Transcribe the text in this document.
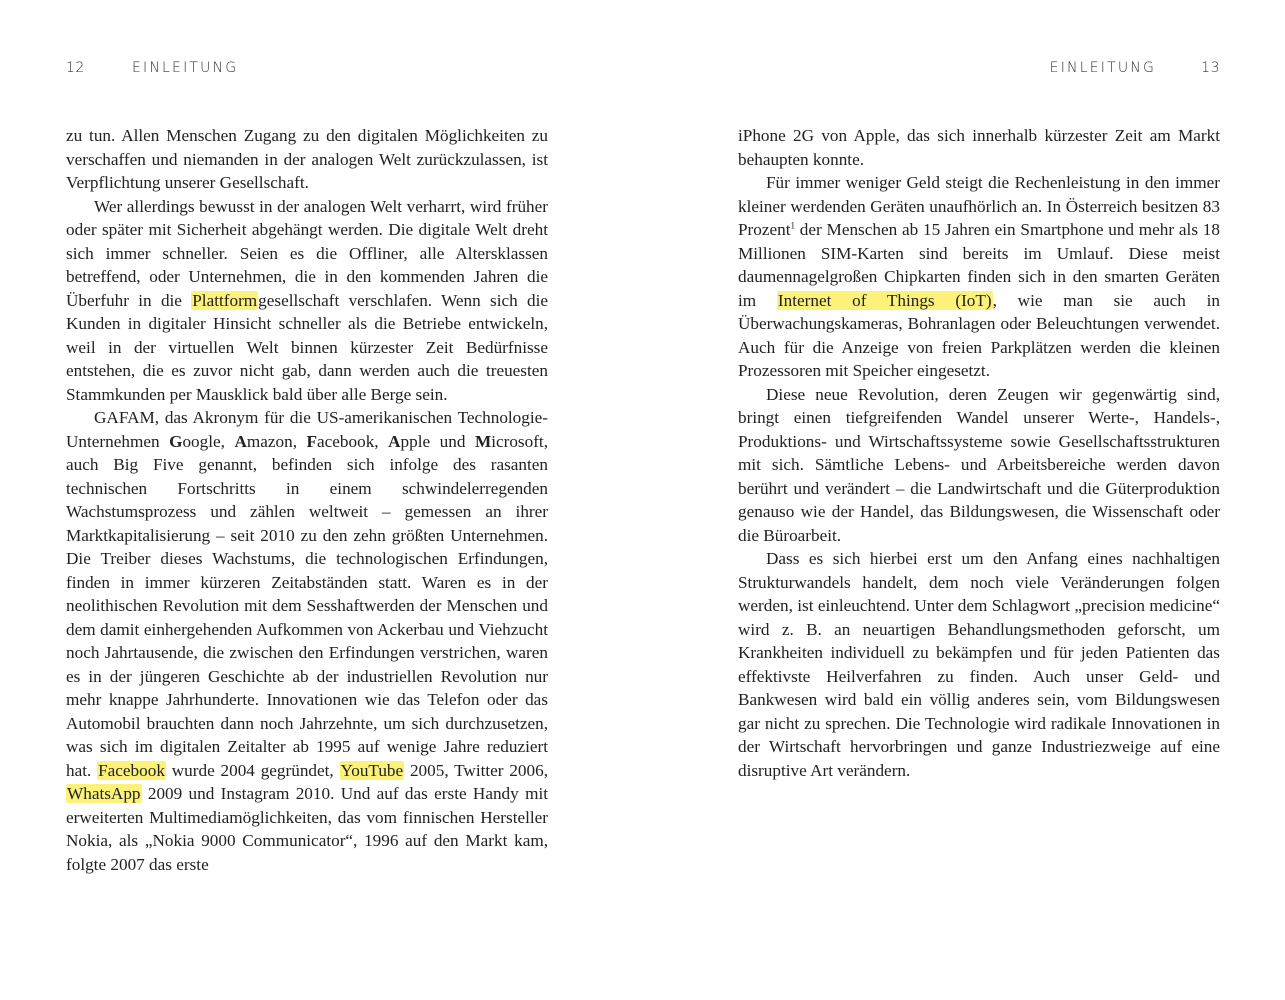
12	EINLEITUNG

zu tun. Allen Menschen Zugang zu den digitalen Möglichkeiten zu verschaffen und niemanden in der analogen Welt zurückzulassen, ist Verpflichtung unserer Gesellschaft.

Wer allerdings bewusst in der analogen Welt verharrt, wird früher oder später mit Sicherheit abgehängt werden. Die digitale Welt dreht sich immer schneller. Seien es die Offliner, alle Altersklassen betreffend, oder Unternehmen, die in den kommenden Jahren die Überfuhr in die Plattformgesellschaft verschlafen. Wenn sich die Kunden in digitaler Hinsicht schneller als die Betriebe entwickeln, weil in der virtuellen Welt binnen kürzester Zeit Bedürfnisse entstehen, die es zuvor nicht gab, dann werden auch die treuesten Stammkunden per Mausklick bald über alle Berge sein.

GAFAM, das Akronym für die US-amerikanischen Technologie-Unternehmen Google, Amazon, Facebook, Apple und Microsoft, auch Big Five genannt, befinden sich infolge des rasanten technischen Fortschritts in einem schwindelerregenden Wachstumsprozess und zählen weltweit – gemessen an ihrer Marktkapitalisierung – seit 2010 zu den zehn größten Unternehmen. Die Treiber dieses Wachstums, die technologischen Erfindungen, finden in immer kürzeren Zeitabständen statt. Waren es in der neolithischen Revolution mit dem Sesshaftwerden der Menschen und dem damit einhergehenden Aufkommen von Ackerbau und Viehzucht noch Jahrtausende, die zwischen den Erfindungen verstrichen, waren es in der jüngeren Geschichte ab der industriellen Revolution nur mehr knappe Jahrhunderte. Innovationen wie das Telefon oder das Automobil brauchten dann noch Jahrzehnte, um sich durchzusetzen, was sich im digitalen Zeitalter ab 1995 auf wenige Jahre reduziert hat. Facebook wurde 2004 gegründet, YouTube 2005, Twitter 2006, WhatsApp 2009 und Instagram 2010. Und auf das erste Handy mit erweiterten Multimediamöglichkeiten, das vom finnischen Hersteller Nokia, als „Nokia 9000 Communicator“, 1996 auf den Markt kam, folgte 2007 das erste

EINLEITUNG	13

iPhone 2G von Apple, das sich innerhalb kürzester Zeit am Markt behaupten konnte.

Für immer weniger Geld steigt die Rechenleistung in den immer kleiner werdenden Geräten unaufhörlich an. In Österreich besitzen 83 Prozent$^1$ der Menschen ab 15 Jahren ein Smartphone und mehr als 18 Millionen SIM-Karten sind bereits im Umlauf. Diese meist daumennagelgroßen Chipkarten finden sich in den smarten Geräten im Internet of Things (IoT), wie man sie auch in Überwachungskameras, Bohranlagen oder Beleuchtungen verwendet. Auch für die Anzeige von freien Parkplätzen werden die kleinen Prozessoren mit Speicher eingesetzt.

Diese neue Revolution, deren Zeugen wir gegenwärtig sind, bringt einen tiefgreifenden Wandel unserer Werte-, Handels-, Produktions- und Wirtschaftssysteme sowie Gesellschaftsstrukturen mit sich. Sämtliche Lebens- und Arbeitsbereiche werden davon berührt und verändert – die Landwirtschaft und die Güterproduktion genauso wie der Handel, das Bildungswesen, die Wissenschaft oder die Büroarbeit.

Dass es sich hierbei erst um den Anfang eines nachhaltigen Strukturwandels handelt, dem noch viele Veränderungen folgen werden, ist einleuchtend. Unter dem Schlagwort „precision medicine“ wird z. B. an neuartigen Behandlungsmethoden geforscht, um Krankheiten individuell zu bekämpfen und für jeden Patienten das effektivste Heilverfahren zu finden. Auch unser Geld- und Bankwesen wird bald ein völlig anderes sein, vom Bildungswesen gar nicht zu sprechen. Die Technologie wird radikale Innovationen in der Wirtschaft hervorbringen und ganze Industriezweige auf eine disruptive Art verändern.
